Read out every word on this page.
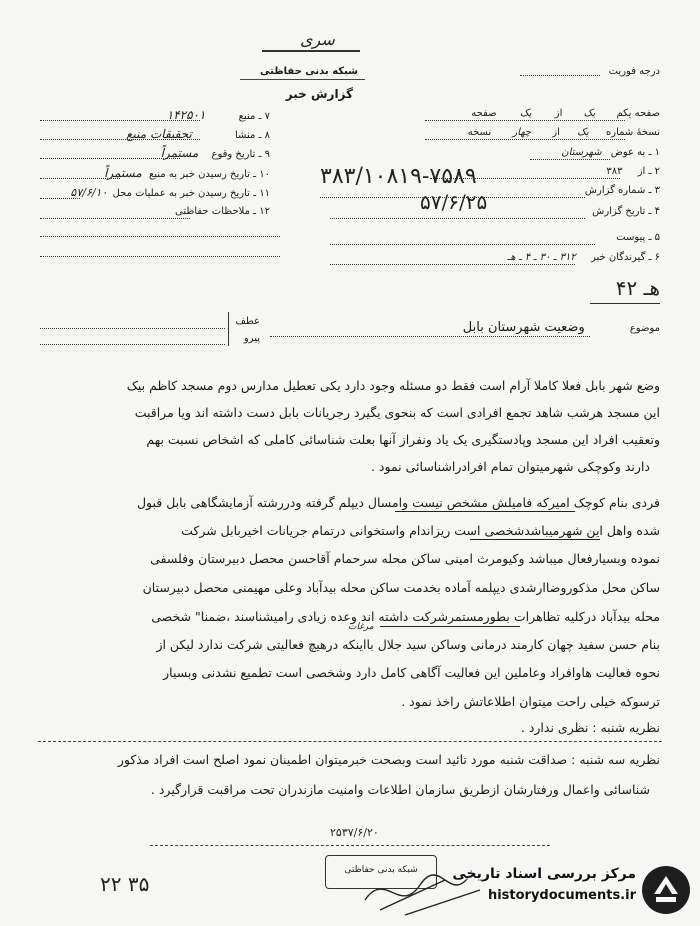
سری
شبکه بدنی حفاظتی
گزارش خبر
درجه فوریت
صفحه یکم یک از یک صفحه
نسخهٔ شماره یک از چهار نسخه
۱ ـ به عوض شهرستان
۲ ـ از ۳۸۳
۳ ـ شماره گزارش
۳۸۳/۱۰۸۱۹-۷۵۸۹
۴ ـ تاریخ گزارش
۵۷/۶/۲۵
۵ ـ پیوست
۶ ـ گیرندگان خبر ۳۱۲ ـ ۳۰ ـ ۴ ـ هـ
۷ ـ منبع ۱۴۲۵۰۱
۸ ـ منشا تحقیقات منبع
۹ ـ تاریخ وقوع مستمراً
۱۰ ـ تاریخ رسیدن خبر به منبع مستمراً
۱۱ ـ تاریخ رسیدن خبر به عملیات محل ۵۷/۶/۱۰
۱۲ ـ ملاحظات حفاظتی
۴۲ هـ
عطف
پیرو
موضوع وضعیت شهرستان بابل
وضع شهر بابل فعلا کاملا آرام است فقط دو مسئله وجود دارد یکی تعطیل مدارس دوم مسجد کاظم بیک
این مسجد هرشب شاهد تجمع افرادی است که بنحوی‌ یگیرد رجریانات بابل دست داشته اند ویا مراقبت
وتعقیب افراد این مسجد وپادستگیری یک یاد ونفراز آنها بعلت شناسائی کاملی که اشخاص نسبت بهم
دارند وکوچکی شهرمیتوان تمام افرادراشناسائی نمود .
فردی بنام کوچک امیرکه فامیلش مشخص نیست وامسال دیپلم گرفته ودررشته آزمایشگاهی بابل قبول
شده واهل این شهرمیباشدشخصی است ریزاندام واستخوانی درتمام جریانات اخیربابل شرکت
نموده وبسیارفعال میباشد وکیومرث امینی ساکن محله سرحمام آقاحسن محصل دبیرستان وفلسفی
ساکن محل مذکوروضاارشدی دیپلمه آماده بخدمت ساکن محله بیدآباد وعلی مهیمنی محصل دبیرستان
محله بیدآباد درکلیه تظاهرات بطورمستمرشرکت داشته اند وعده زیادی رامیشناسند ،ضمنا" شخصی
مرغات
بنام حسن سفید چهان کارمند درمانی وساکن سید جلال بااینکه درهیچ فعالیتی شرکت ندارد لیکن از
نحوه فعالیت هاوافراد وعاملین این فعالیت آگاهی کامل دارد وشخصی است تطمیع نشدنی وبسیار
ترسوکه خیلی راحت میتوان اطلاعاتش راخذ نمود .
نظریه شنبه : نظری ندارد .
نظریه سه شنبه : صداقت شنبه مورد تائید است وبصحت خبرمیتوان اطمینان نمود اصلح است افراد مذکور
شناسائی واعمال ورفتارشان ازطریق سازمان اطلاعات وامنیت مازندران تحت مراقبت قرارگیرد .
۲۵۳۷/۶/۲۰
شبکه بدنی حفاظتی
۲۲ ۳۵	مرکز بررسی اسناد تاریخی
historydocuments.ir
